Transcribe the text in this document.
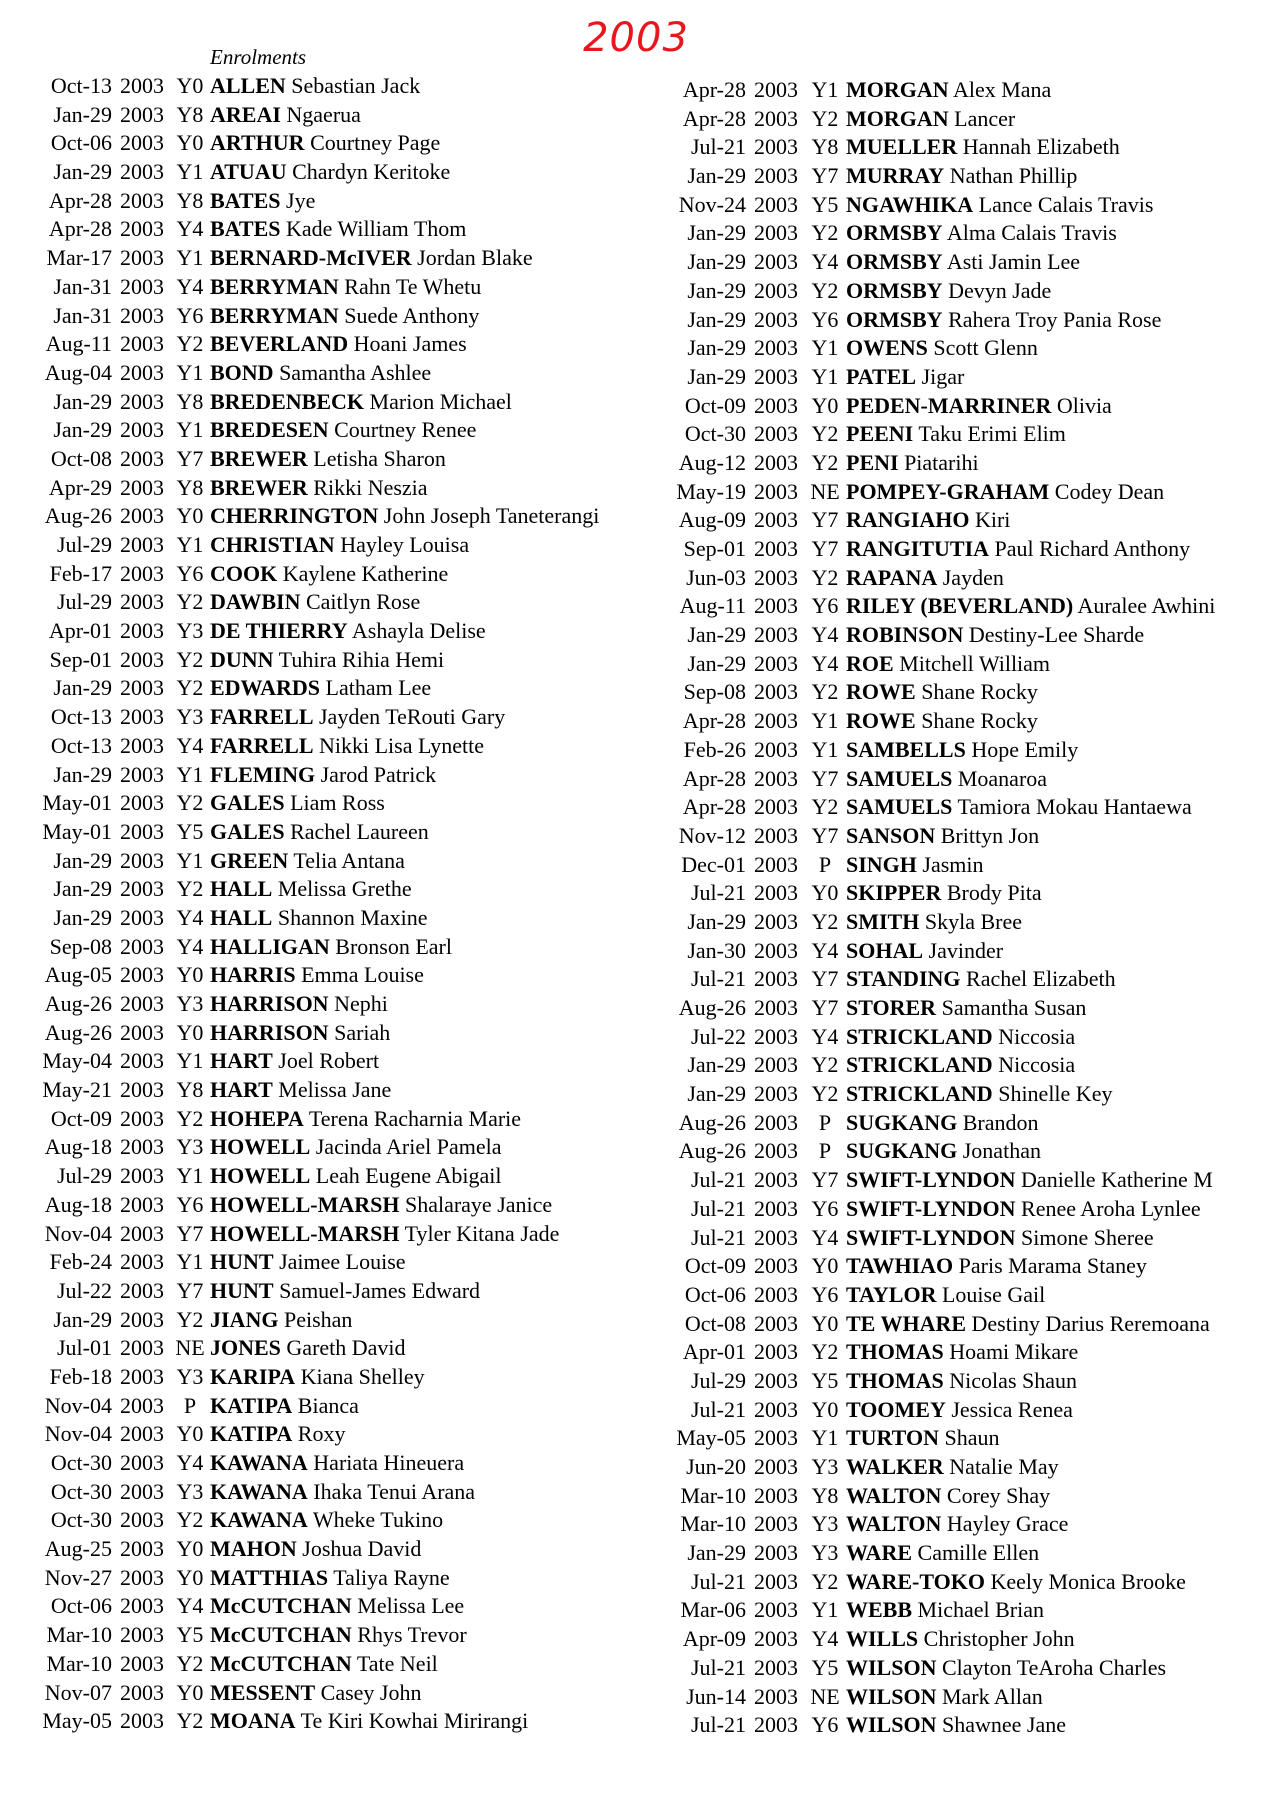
2003
Enrolments
Oct-13 2003 Y0 ALLEN Sebastian Jack
Jan-29 2003 Y8 AREAI Ngaerua
Oct-06 2003 Y0 ARTHUR Courtney Page
Jan-29 2003 Y1 ATUAU Chardyn Keritoke
Apr-28 2003 Y8 BATES Jye
Apr-28 2003 Y4 BATES Kade William Thom
Mar-17 2003 Y1 BERNARD-McIVER Jordan Blake
Jan-31 2003 Y4 BERRYMAN Rahn Te Whetu
Jan-31 2003 Y6 BERRYMAN Suede Anthony
Aug-11 2003 Y2 BEVERLAND Hoani James
Aug-04 2003 Y1 BOND Samantha Ashlee
Jan-29 2003 Y8 BREDENBECK Marion Michael
Jan-29 2003 Y1 BREDESEN Courtney Renee
Oct-08 2003 Y7 BREWER Letisha Sharon
Apr-29 2003 Y8 BREWER Rikki Neszia
Aug-26 2003 Y0 CHERRINGTON John Joseph Taneterangi
Jul-29 2003 Y1 CHRISTIAN Hayley Louisa
Feb-17 2003 Y6 COOK Kaylene Katherine
Jul-29 2003 Y2 DAWBIN Caitlyn Rose
Apr-01 2003 Y3 DE THIERRY Ashayla Delise
Sep-01 2003 Y2 DUNN Tuhira Rihia Hemi
Jan-29 2003 Y2 EDWARDS Latham Lee
Oct-13 2003 Y3 FARRELL Jayden TeRouti Gary
Oct-13 2003 Y4 FARRELL Nikki Lisa Lynette
Jan-29 2003 Y1 FLEMING Jarod Patrick
May-01 2003 Y2 GALES Liam Ross
May-01 2003 Y5 GALES Rachel Laureen
Jan-29 2003 Y1 GREEN Telia Antana
Jan-29 2003 Y2 HALL Melissa Grethe
Jan-29 2003 Y4 HALL Shannon Maxine
Sep-08 2003 Y4 HALLIGAN Bronson Earl
Aug-05 2003 Y0 HARRIS Emma Louise
Aug-26 2003 Y3 HARRISON Nephi
Aug-26 2003 Y0 HARRISON Sariah
May-04 2003 Y1 HART Joel Robert
May-21 2003 Y8 HART Melissa Jane
Oct-09 2003 Y2 HOHEPA Terena Racharnia Marie
Aug-18 2003 Y3 HOWELL Jacinda Ariel Pamela
Jul-29 2003 Y1 HOWELL Leah Eugene Abigail
Aug-18 2003 Y6 HOWELL-MARSH Shalaraye Janice
Nov-04 2003 Y7 HOWELL-MARSH Tyler Kitana Jade
Feb-24 2003 Y1 HUNT Jaimee Louise
Jul-22 2003 Y7 HUNT Samuel-James Edward
Jan-29 2003 Y2 JIANG Peishan
Jul-01 2003 NE JONES Gareth David
Feb-18 2003 Y3 KARIPA Kiana Shelley
Nov-04 2003 P KATIPA Bianca
Nov-04 2003 Y0 KATIPA Roxy
Oct-30 2003 Y4 KAWANA Hariata Hineuera
Oct-30 2003 Y3 KAWANA Ihaka Tenui Arana
Oct-30 2003 Y2 KAWANA Wheke Tukino
Aug-25 2003 Y0 MAHON Joshua David
Nov-27 2003 Y0 MATTHIAS Taliya Rayne
Oct-06 2003 Y4 McCUTCHAN Melissa Lee
Mar-10 2003 Y5 McCUTCHAN Rhys Trevor
Mar-10 2003 Y2 McCUTCHAN Tate Neil
Nov-07 2003 Y0 MESSENT Casey John
May-05 2003 Y2 MOANA Te Kiri Kowhai Mirirangi
Apr-28 2003 Y1 MORGAN Alex Mana
Apr-28 2003 Y2 MORGAN Lancer
Jul-21 2003 Y8 MUELLER Hannah Elizabeth
Jan-29 2003 Y7 MURRAY Nathan Phillip
Nov-24 2003 Y5 NGAWHIKA Lance Calais Travis
Jan-29 2003 Y2 ORMSBY Alma Calais Travis
Jan-29 2003 Y4 ORMSBY Asti Jamin Lee
Jan-29 2003 Y2 ORMSBY Devyn Jade
Jan-29 2003 Y6 ORMSBY Rahera Troy Pania Rose
Jan-29 2003 Y1 OWENS Scott Glenn
Jan-29 2003 Y1 PATEL Jigar
Oct-09 2003 Y0 PEDEN-MARRINER Olivia
Oct-30 2003 Y2 PEENI Taku Erimi Elim
Aug-12 2003 Y2 PENI Piatarihi
May-19 2003 NE POMPEY-GRAHAM Codey Dean
Aug-09 2003 Y7 RANGIAHO Kiri
Sep-01 2003 Y7 RANGITUTIA Paul Richard Anthony
Jun-03 2003 Y2 RAPANA Jayden
Aug-11 2003 Y6 RILEY (BEVERLAND) Auralee Awhini
Jan-29 2003 Y4 ROBINSON Destiny-Lee Sharde
Jan-29 2003 Y4 ROE Mitchell William
Sep-08 2003 Y2 ROWE Shane Rocky
Apr-28 2003 Y1 ROWE Shane Rocky
Feb-26 2003 Y1 SAMBELLS Hope Emily
Apr-28 2003 Y7 SAMUELS Moanaroa
Apr-28 2003 Y2 SAMUELS Tamiora Mokau Hantaewa
Nov-12 2003 Y7 SANSON Brittyn Jon
Dec-01 2003 P SINGH Jasmin
Jul-21 2003 Y0 SKIPPER Brody Pita
Jan-29 2003 Y2 SMITH Skyla Bree
Jan-30 2003 Y4 SOHAL Javinder
Jul-21 2003 Y7 STANDING Rachel Elizabeth
Aug-26 2003 Y7 STORER Samantha Susan
Jul-22 2003 Y4 STRICKLAND Niccosia
Jan-29 2003 Y2 STRICKLAND Niccosia
Jan-29 2003 Y2 STRICKLAND Shinelle Key
Aug-26 2003 P SUGKANG Brandon
Aug-26 2003 P SUGKANG Jonathan
Jul-21 2003 Y7 SWIFT-LYNDON Danielle Katherine M
Jul-21 2003 Y6 SWIFT-LYNDON Renee Aroha Lynlee
Jul-21 2003 Y4 SWIFT-LYNDON Simone Sheree
Oct-09 2003 Y0 TAWHIAO Paris Marama Staney
Oct-06 2003 Y6 TAYLOR Louise Gail
Oct-08 2003 Y0 TE WHARE Destiny Darius Reremoana
Apr-01 2003 Y2 THOMAS Hoami Mikare
Jul-29 2003 Y5 THOMAS Nicolas Shaun
Jul-21 2003 Y0 TOOMEY Jessica Renea
May-05 2003 Y1 TURTON Shaun
Jun-20 2003 Y3 WALKER Natalie May
Mar-10 2003 Y8 WALTON Corey Shay
Mar-10 2003 Y3 WALTON Hayley Grace
Jan-29 2003 Y3 WARE Camille Ellen
Jul-21 2003 Y2 WARE-TOKO Keely Monica Brooke
Mar-06 2003 Y1 WEBB Michael Brian
Apr-09 2003 Y4 WILLS Christopher John
Jul-21 2003 Y5 WILSON Clayton TeAroha Charles
Jun-14 2003 NE WILSON Mark Allan
Jul-21 2003 Y6 WILSON Shawnee Jane
